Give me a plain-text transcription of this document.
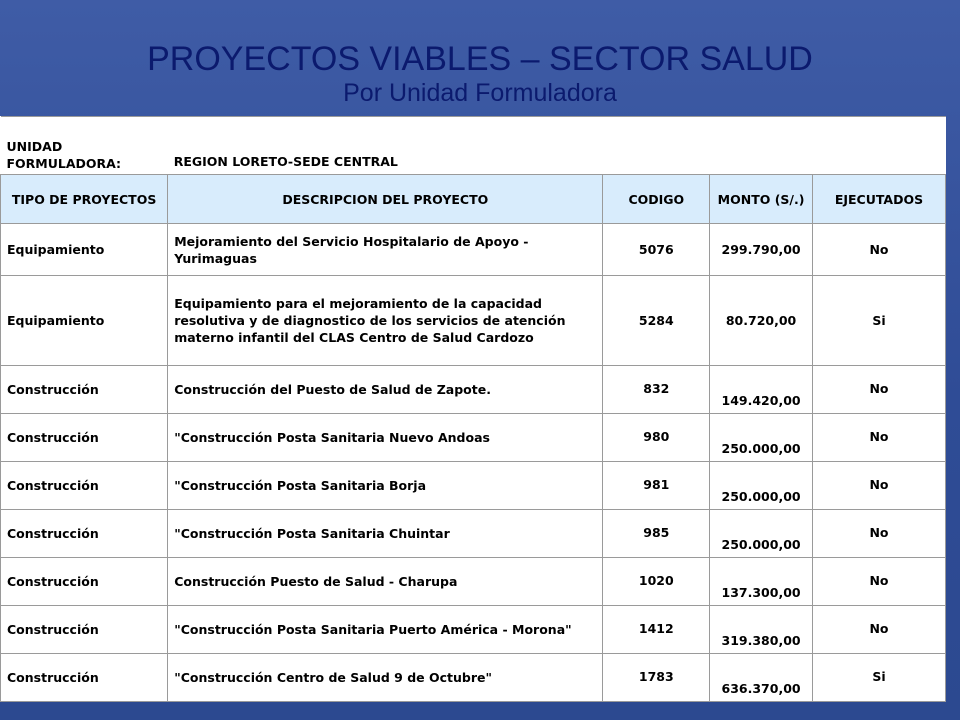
PROYECTOS VIABLES – SECTOR SALUD
Por Unidad Formuladora
UNIDAD FORMULADORA:	REGION LORETO-SEDE CENTRAL			
TIPO DE PROYECTOS	DESCRIPCION DEL PROYECTO	CODIGO	MONTO (S/.)	EJECUTADOS
Equipamiento	Mejoramiento del Servicio Hospitalario de Apoyo - Yurimaguas	5076	299.790,00	No
Equipamiento	Equipamiento para el mejoramiento de la capacidad resolutiva y de diagnostico de los servicios de atención materno infantil del CLAS Centro de Salud Cardozo	5284	80.720,00	Si
Construcción	Construcción del Puesto de Salud de Zapote.	832	149.420,00	No
Construcción	"Construcción Posta Sanitaria Nuevo Andoas	980	250.000,00	No
Construcción	"Construcción Posta Sanitaria Borja	981	250.000,00	No
Construcción	"Construcción Posta Sanitaria Chuintar	985	250.000,00	No
Construcción	Construcción Puesto de Salud - Charupa	1020	137.300,00	No
Construcción	"Construcción Posta Sanitaria Puerto América - Morona"	1412	319.380,00	No
Construcción	"Construcción Centro de Salud 9 de Octubre"	1783	636.370,00	Si
